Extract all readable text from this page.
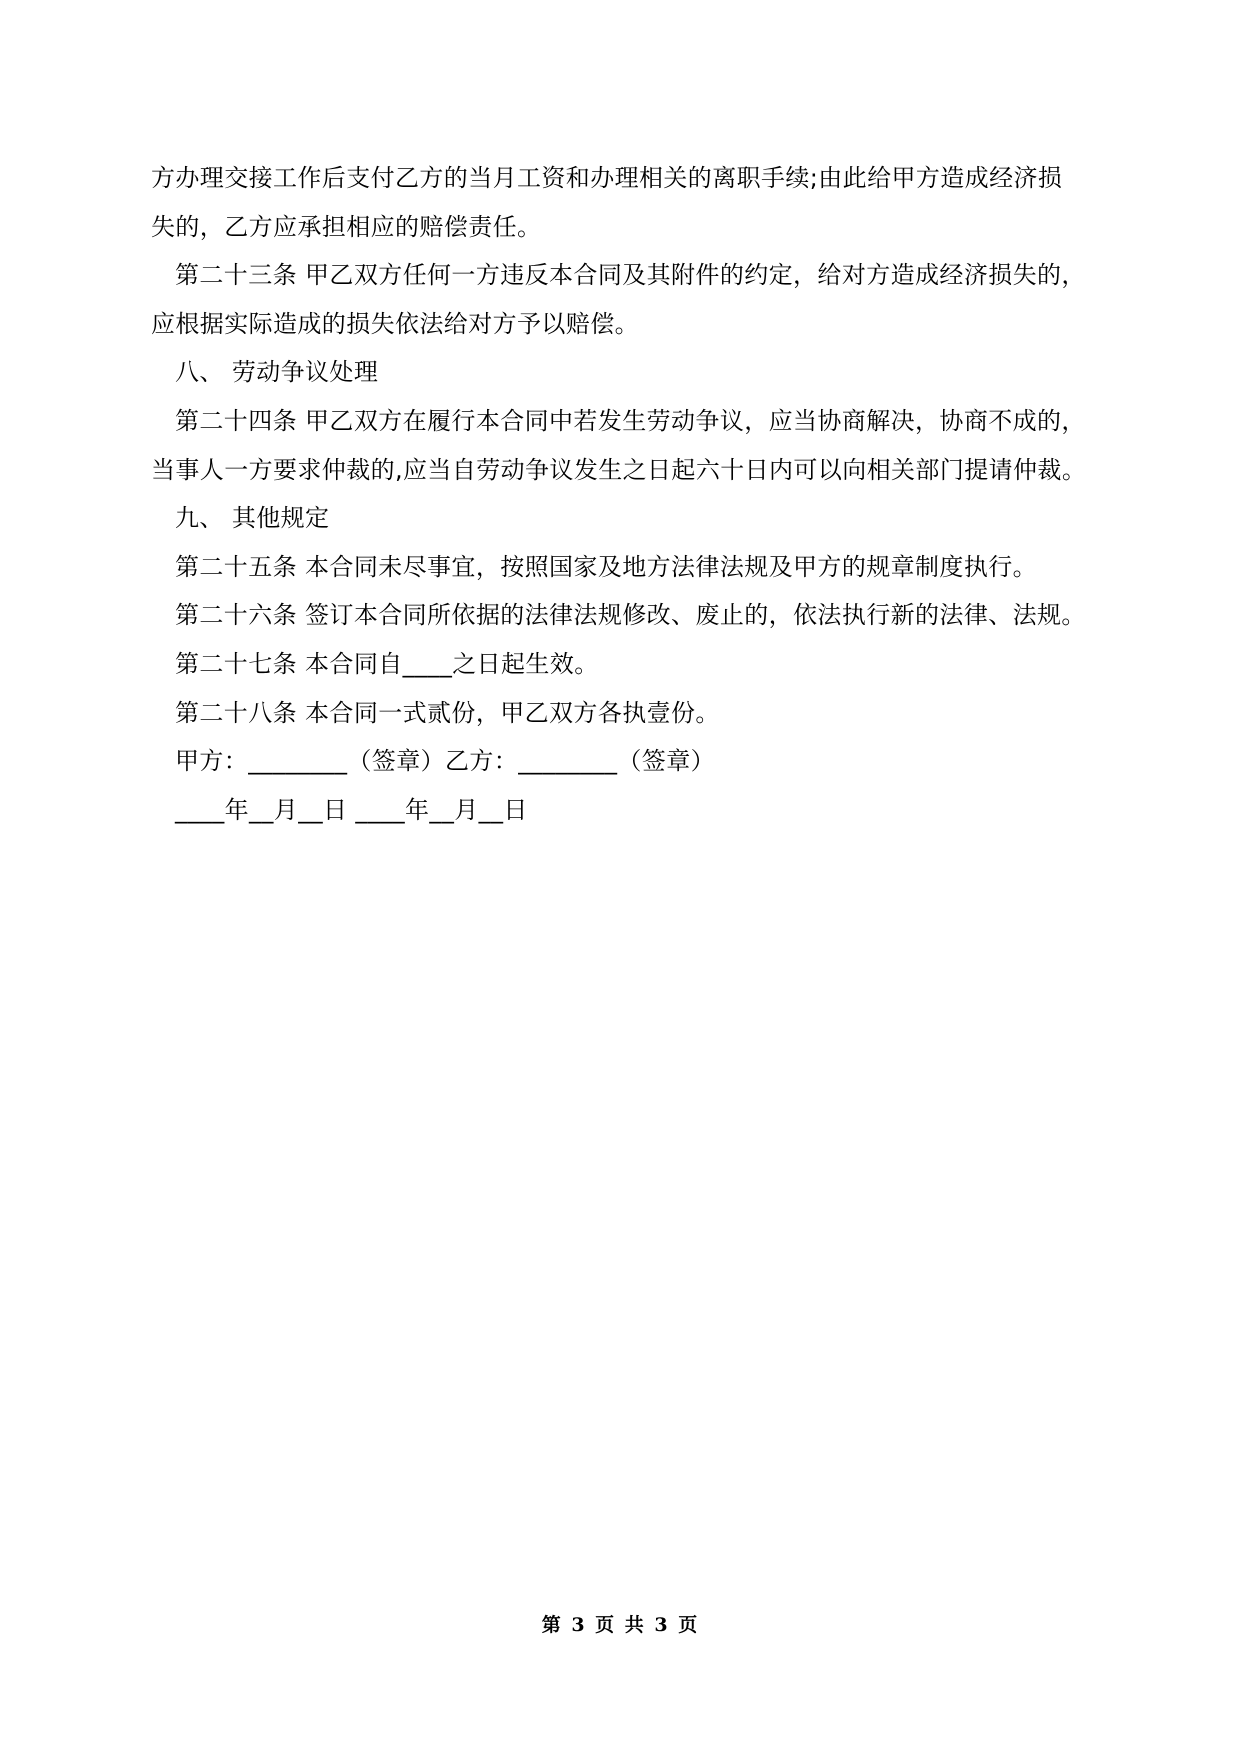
方办理交接工作后支付乙方的当月工资和办理相关的离职手续;由此给甲方造成经济损
失的，乙方应承担相应的赔偿责任。
第二十三条 甲乙双方任何一方违反本合同及其附件的约定，给对方造成经济损失的，
应根据实际造成的损失依法给对方予以赔偿。
八、 劳动争议处理
第二十四条 甲乙双方在履行本合同中若发生劳动争议，应当协商解决，协商不成的，
当事人一方要求仲裁的,应当自劳动争议发生之日起六十日内可以向相关部门提请仲裁。
九、 其他规定
第二十五条 本合同未尽事宜，按照国家及地方法律法规及甲方的规章制度执行。
第二十六条 签订本合同所依据的法律法规修改、废止的，依法执行新的法律、法规。
第二十七条 本合同自____之日起生效。
第二十八条 本合同一式贰份，甲乙双方各执壹份。
甲方：________（签章）乙方：________（签章）
____年__月__日 ____年__月__日
第 3 页 共 3 页
